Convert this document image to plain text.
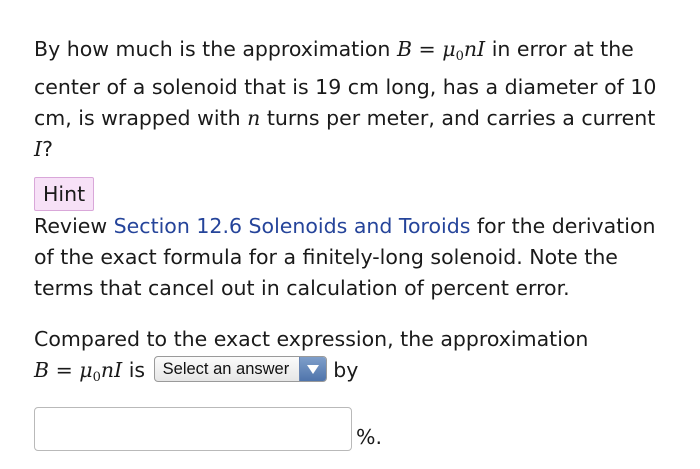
By how much is the approximation $B = \mu_0nI$ in error at the center of a solenoid that is 19 cm long, has a diameter of 10 cm, is wrapped with n turns per meter, and carries a current I?

Hint

Review Section 12.6 Solenoids and Toroids for the derivation of the exact formula for a finitely-long solenoid. Note the terms that cancel out in calculation of percent error.

Compared to the exact expression, the approximation
$B = \mu_0nI$ is Select an answer	by

%.
